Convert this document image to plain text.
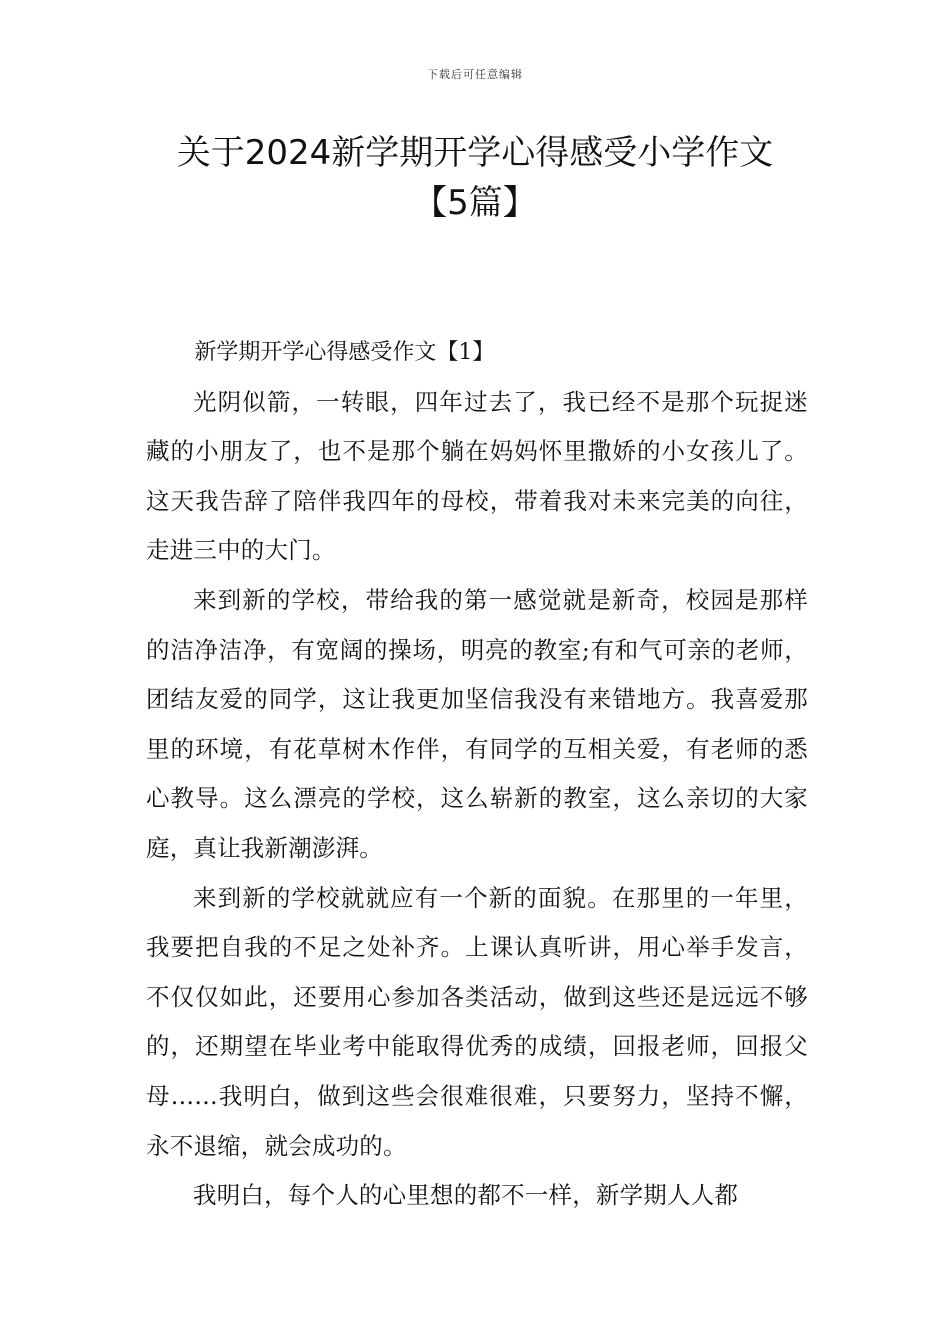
下载后可任意编辑
关于2024新学期开学心得感受小学作文
【5篇】

新学期开学心得感受作文【1】

光阴似箭，一转眼，四年过去了，我已经不是那个玩捉迷藏的小朋友了，也不是那个躺在妈妈怀里撒娇的小女孩儿了。这天我告辞了陪伴我四年的母校，带着我对未来完美的向往，走进三中的大门。

来到新的学校，带给我的第一感觉就是新奇，校园是那样的洁净洁净，有宽阔的操场，明亮的教室;有和气可亲的老师，团结友爱的同学，这让我更加坚信我没有来错地方。我喜爱那里的环境，有花草树木作伴，有同学的互相关爱，有老师的悉心教导。这么漂亮的学校，这么崭新的教室，这么亲切的大家庭，真让我新潮澎湃。

来到新的学校就就应有一个新的面貌。在那里的一年里，我要把自我的不足之处补齐。上课认真听讲，用心举手发言，不仅仅如此，还要用心参加各类活动，做到这些还是远远不够的，还期望在毕业考中能取得优秀的成绩，回报老师，回报父母……我明白，做到这些会很难很难，只要努力，坚持不懈，永不退缩，就会成功的。

我明白，每个人的心里想的都不一样，新学期人人都
